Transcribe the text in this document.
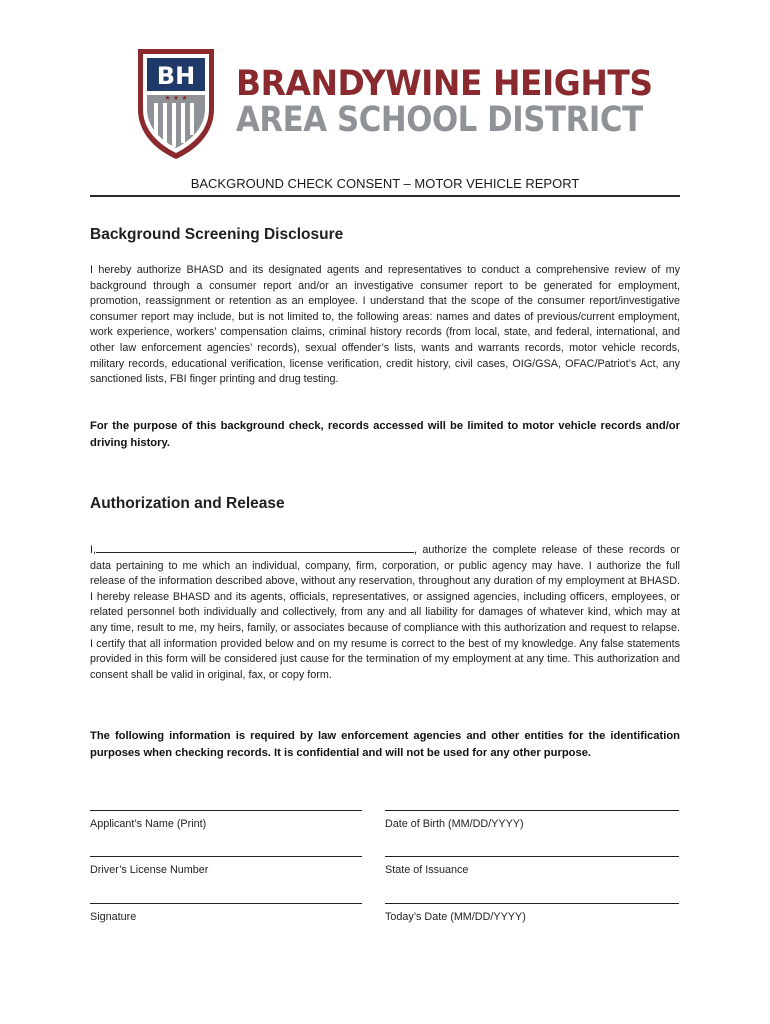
BH
★ ★ ★ BRANDYWINE HEIGHTS
AREA SCHOOL DISTRICT
BACKGROUND CHECK CONSENT – MOTOR VEHICLE REPORT
Background Screening Disclosure

I hereby authorize BHASD and its designated agents and representatives to conduct a comprehensive review of my background through a consumer report and/or an investigative consumer report to be generated for employment, promotion, reassignment or retention as an employee. I understand that the scope of the consumer report/investigative consumer report may include, but is not limited to, the following areas: names and dates of previous/current employment, work experience, workers’ compensation claims, criminal history records (from local, state, and federal, international, and other law enforcement agencies’ records), sexual offender’s lists, wants and warrants records, motor vehicle records, military records, educational verification, license verification, credit history, civil cases, OIG/GSA, OFAC/Patriot’s Act, any sanctioned lists, FBI finger printing and drug testing.

For the purpose of this background check, records accessed will be limited to motor vehicle records and/or driving history.

Authorization and Release

I,	, authorize the complete release of these records or data pertaining to me which an individual, company, firm, corporation, or public agency may have. I authorize the full release of the information described above, without any reservation, throughout any duration of my employment at BHASD. I hereby release BHASD and its agents, officials, representatives, or assigned agencies, including officers, employees, or related personnel both individually and collectively, from any and all liability for damages of whatever kind, which may at any time, result to me, my heirs, family, or associates because of compliance with this authorization and request to relapse. I certify that all information provided below and on my resume is correct to the best of my knowledge. Any false statements provided in this form will be considered just cause for the termination of my employment at any time. This authorization and consent shall be valid in original, fax, or copy form.

The following information is required by law enforcement agencies and other entities for the identification purposes when checking records. It is confidential and will not be used for any other purpose.

Applicant’s Name (Print)	Date of Birth (MM/DD/YYYY)
Driver’s License Number	State of Issuance
Signature	Today’s Date (MM/DD/YYYY)
